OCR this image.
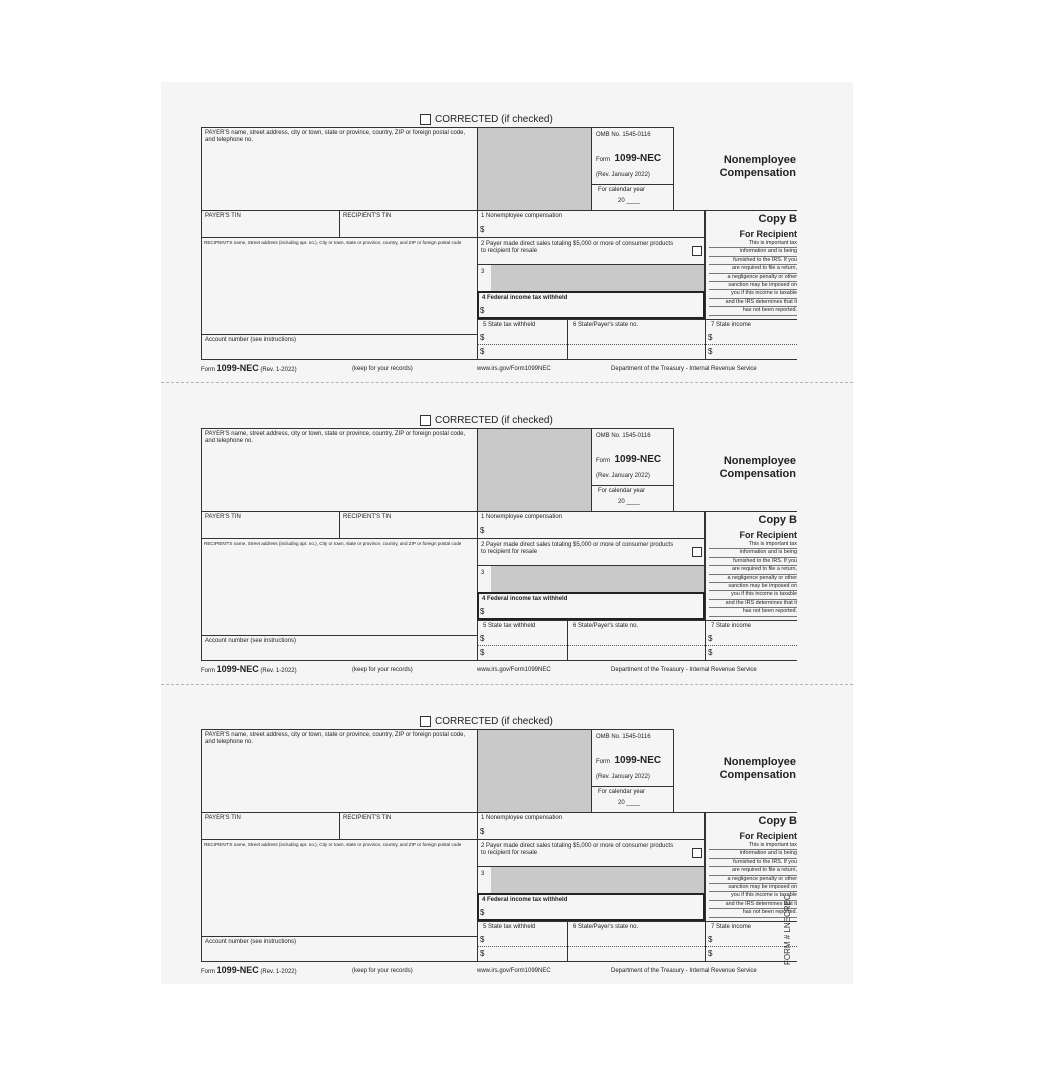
CORRECTED (if checked)
PAYER'S name, street address, city or town, state or province, country, ZIP or foreign postal code, and telephone no.
OMB No. 1545-0116
Form 1099-NEC
(Rev. January 2022)
For calendar year
20 ____
Nonemployee
Compensation
PAYER'S TIN	RECIPIENT'S TIN	1 Nonemployee compensation
$
RECIPIENT'S name, Street address (including apt. no.), City or town, state or province, country, and ZIP or foreign postal code	2 Payer made direct sales totaling $5,000 or more of consumer products to recipient for resale
3
4 Federal income tax withheld
$
Account number (see instructions)
5 State tax withheld
$
$
6 State/Payer's state no.	7 State income
$
$
Copy B
For Recipient
This is important tax
information and is being
furnished to the IRS. If you
are required to file a return,
a negligence penalty or other
sanction may be imposed on
you if this income is taxable
and the IRS determines that it
has not been reported.
Form 1099-NEC (Rev. 1-2022)	(keep for your records)	www.irs.gov/Form1099NEC	Department of the Treasury - Internal Revenue Service
CORRECTED (if checked)
PAYER'S name, street address, city or town, state or province, country, ZIP or foreign postal code, and telephone no.
OMB No. 1545-0116
Form 1099-NEC
(Rev. January 2022)
For calendar year
20 ____
Nonemployee
Compensation
PAYER'S TIN	RECIPIENT'S TIN	1 Nonemployee compensation
$
RECIPIENT'S name, Street address (including apt. no.), City or town, state or province, country, and ZIP or foreign postal code	2 Payer made direct sales totaling $5,000 or more of consumer products to recipient for resale
3
4 Federal income tax withheld
$
Account number (see instructions)
5 State tax withheld
$
$
6 State/Payer's state no.	7 State income
$
$
Copy B
For Recipient
This is important tax
information and is being
furnished to the IRS. If you
are required to file a return,
a negligence penalty or other
sanction may be imposed on
you if this income is taxable
and the IRS determines that it
has not been reported.
Form 1099-NEC (Rev. 1-2022)	(keep for your records)	www.irs.gov/Form1099NEC	Department of the Treasury - Internal Revenue Service
CORRECTED (if checked)
PAYER'S name, street address, city or town, state or province, country, ZIP or foreign postal code, and telephone no.
OMB No. 1545-0116
Form 1099-NEC
(Rev. January 2022)
For calendar year
20 ____
Nonemployee
Compensation
PAYER'S TIN	RECIPIENT'S TIN	1 Nonemployee compensation
$
RECIPIENT'S name, Street address (including apt. no.), City or town, state or province, country, and ZIP or foreign postal code	2 Payer made direct sales totaling $5,000 or more of consumer products to recipient for resale
3
4 Federal income tax withheld
$
Account number (see instructions)
5 State tax withheld
$
$
6 State/Payer's state no.	7 State income
$
$
Copy B
For Recipient
This is important tax
information and is being
furnished to the IRS. If you
are required to file a return,
a negligence penalty or other
sanction may be imposed on
you if this income is taxable
and the IRS determines that it
has not been reported.
Form 1099-NEC (Rev. 1-2022)	(keep for your records)	www.irs.gov/Form1099NEC	Department of the Treasury - Internal Revenue Service
FORM # LNECREC
